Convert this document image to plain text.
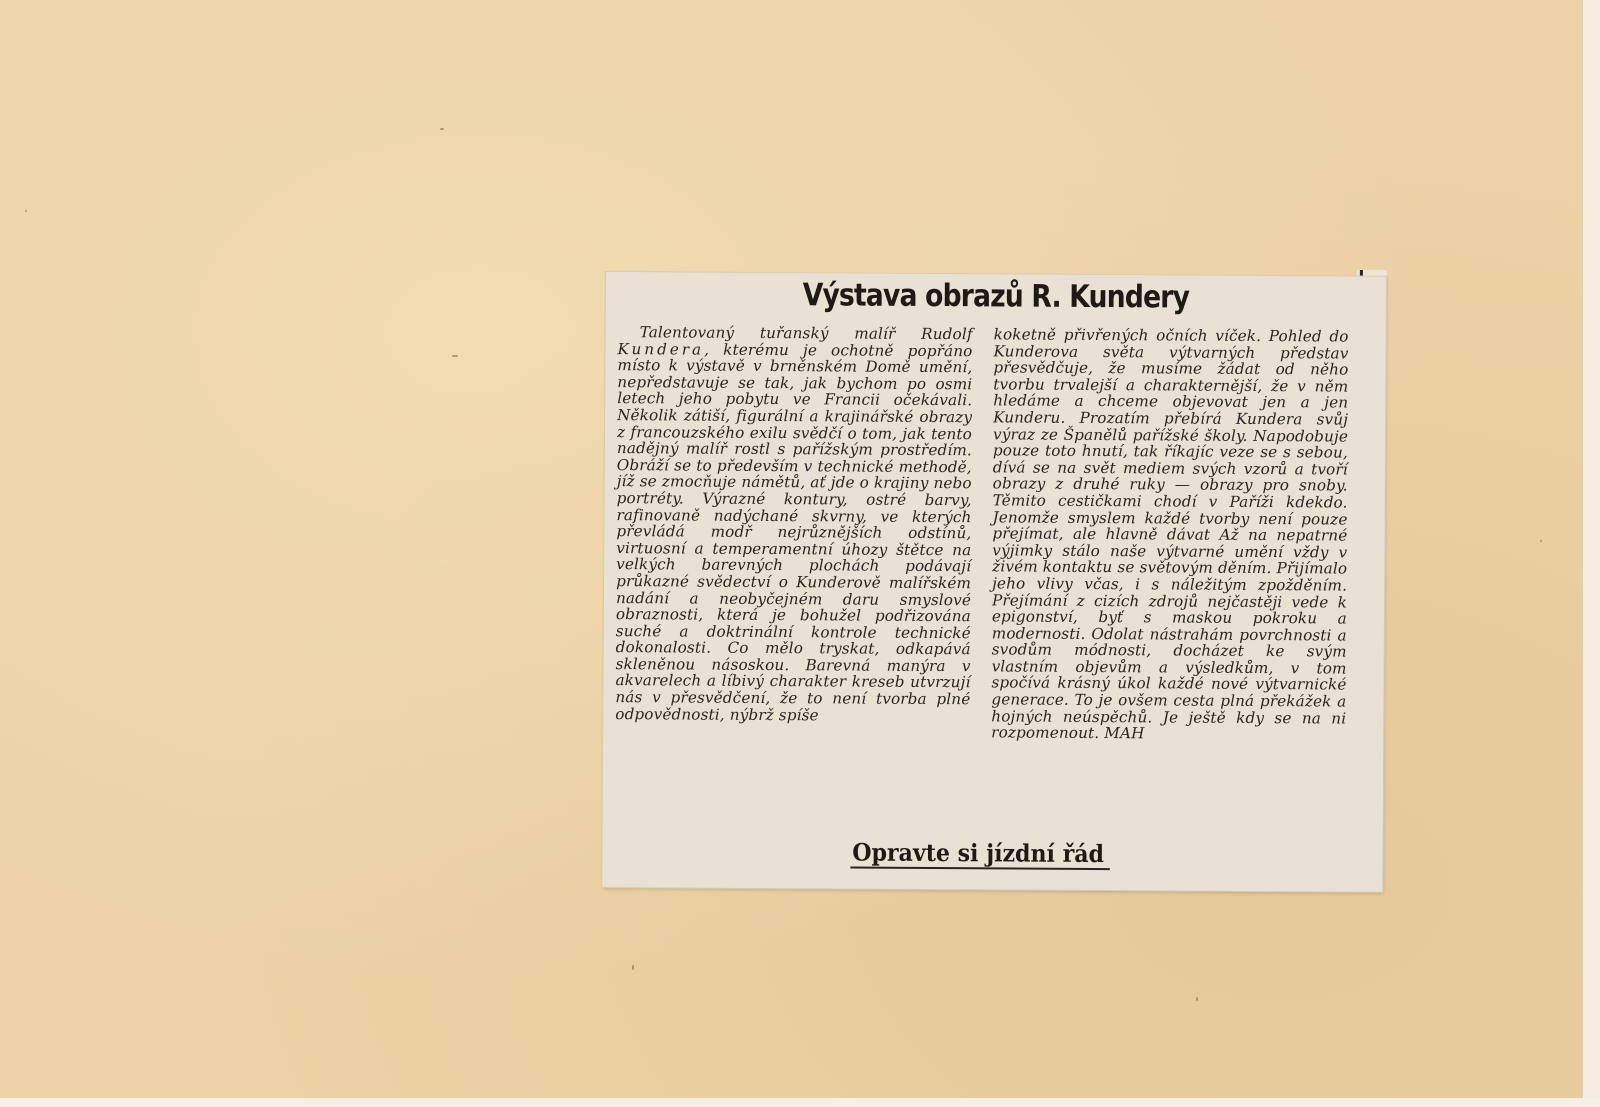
Výstava obrazů R. Kundery
Talentovaný tuřanský malíř Rudolf Kundera, kterému je ochotně popřáno místo k výstavě v brněnském Domě umění, nepředstavuje se tak, jak bychom po osmi letech jeho pobytu ve Francii očekávali. Několik zátiší, figurální a krajinářské obrazy z francouzského exilu svědčí o tom, jak tento nadějný malíř rostl s pařížským prostředím. Obráží se to především v technické methodě, jíž se zmocňuje námětů, ať jde o krajiny nebo portréty. Výrazné kontury, ostré barvy, rafinovaně nadýchané skvrny, ve kterých převládá modř nejrůznějších odstínů, virtuosní a temperamentní úhozy štětce na velkých barevných plochách podávají průkazné svědectví o Kunderově malířském nadání a neobyčejném daru smyslové obraznosti, která je bohužel podřizována suché a doktrinální kontrole technické dokonalosti. Co mělo tryskat, odkapává skleněnou násoskou. Barevná manýra v akvarelech a líbivý charakter kreseb utvrzují nás v přesvědčení, že to není tvorba plné odpovědnosti, nýbrž spíše
koketně přivřených očních víček. Pohled do Kunderova světa výtvarných představ přesvědčuje, že musíme žádat od něho tvorbu trvalejší a charakternější, že v něm hledáme a chceme objevovat jen a jen Kunderu. Prozatím přebírá Kundera svůj výraz ze Španělů pařížské školy. Napodobuje pouze toto hnutí, tak říkajíc veze se s sebou, dívá se na svět mediem svých vzorů a tvoří obrazy z druhé ruky — obrazy pro snoby. Těmito cestičkami chodí v Paříži kdekdo. Jenomže smyslem každé tvorby není pouze přejímat, ale hlavně dávat Až na nepatrné výjimky stálo naše výtvarné umění vždy v živém kontaktu se světovým děním. Přijímalo jeho vlivy včas, i s náležitým zpožděním. Přejímání z cizích zdrojů nejčastěji vede k epigonství, byť s maskou pokroku a modernosti. Odolat nástrahám povrchnosti a svodům módnosti, docházet ke svým vlastním objevům a výsledkům, v tom spočívá krásný úkol každé nové výtvarnické generace. To je ovšem cesta plná překážek a hojných neúspěchů. Je ještě kdy se na ni rozpomenout. MAH
Opravte si jízdní řád
